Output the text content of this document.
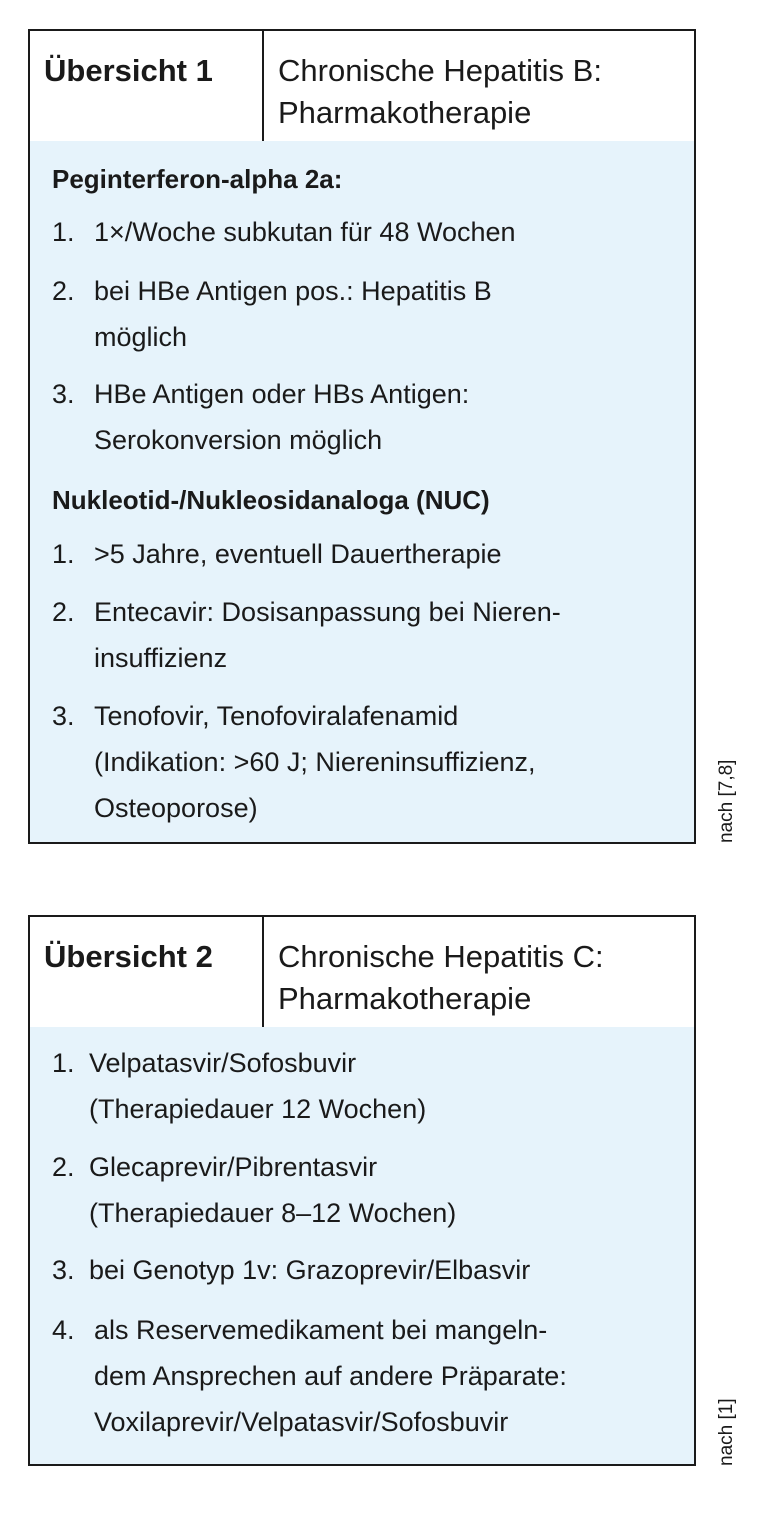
Übersicht 1	Chronische Hepatitis B:
Pharmakotherapie
Peginterferon-alpha 2a:
1. 1×/Woche subkutan für 48 Wochen
2. bei HBe Antigen pos.: Hepatitis B
möglich
3. HBe Antigen oder HBs Antigen:
Serokonversion möglich
Nukleotid-/Nukleosidanaloga (NUC)
1. >5 Jahre, eventuell Dauertherapie
2. Entecavir: Dosisanpassung bei Nieren-
insuffizienz
3. Tenofovir, Tenofoviralafenamid
(Indikation: >60 J; Niereninsuffizienz,
Osteoporose)	nach [7,8]
Übersicht 2	Chronische Hepatitis C:
Pharmakotherapie
1. Velpatasvir/Sofosbuvir
(Therapiedauer 12 Wochen)
2. Glecaprevir/Pibrentasvir
(Therapiedauer 8–12 Wochen)
3. bei Genotyp 1v: Grazoprevir/Elbasvir
4. als Reservemedikament bei mangeln-
dem Ansprechen auf andere Präparate:
Voxilaprevir/Velpatasvir/Sofosbuvir	nach [1]
